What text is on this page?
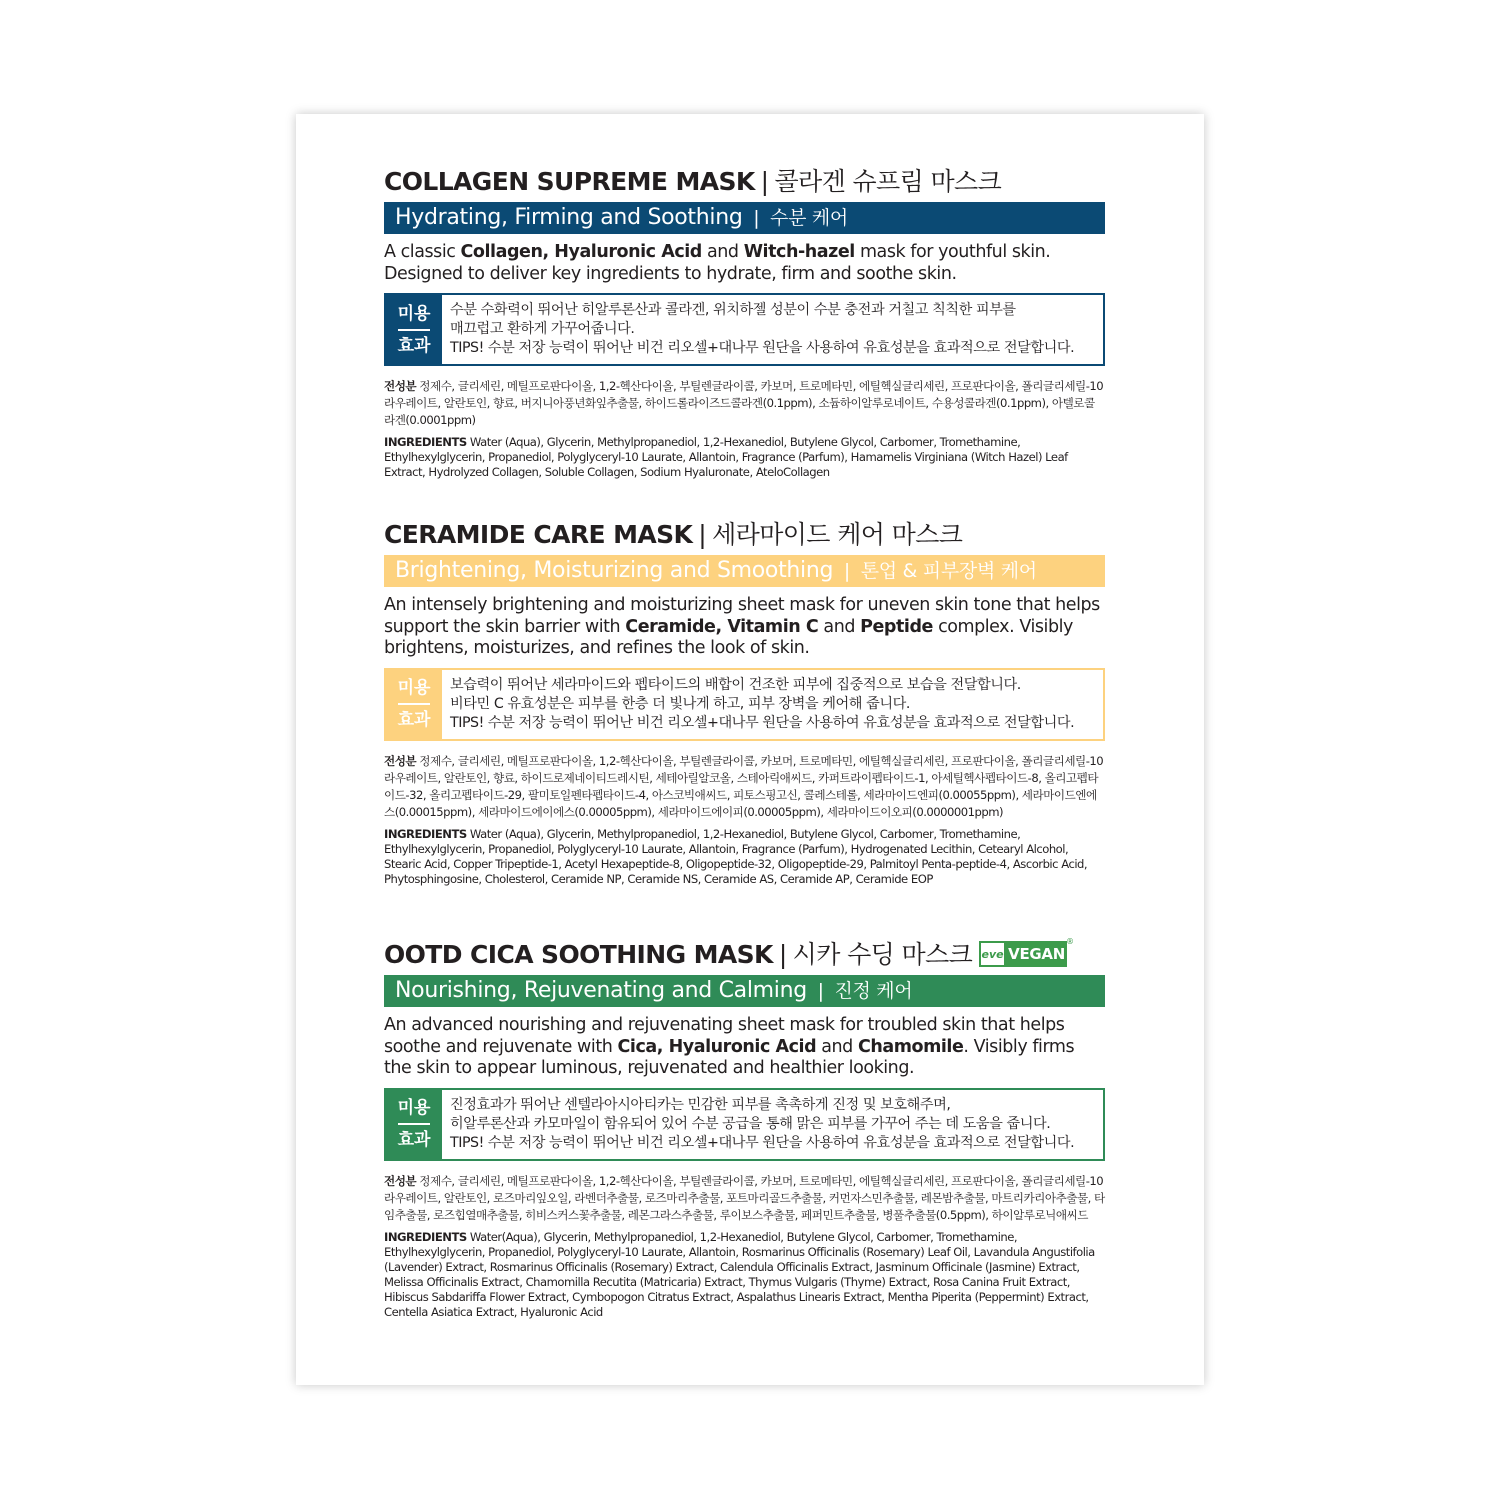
COLLAGEN SUPREME MASK | 콜라겐 슈프림 마스크
Hydrating, Firming and Soothing | 수분 케어
A classic Collagen, Hyaluronic Acid and Witch-hazel mask for youthful skin. Designed to deliver key ingredients to hydrate, firm and soothe skin.
미용
효과
수분 수화력이 뛰어난 히알루론산과 콜라겐, 위치하젤 성분이 수분 충전과 거칠고 칙칙한 피부를
매끄럽고 환하게 가꾸어줍니다.
TIPS! 수분 저장 능력이 뛰어난 비건 리오셀+대나무 원단을 사용하여 유효성분을 효과적으로 전달합니다.
전성분 정제수, 글리세린, 메틸프로판다이올, 1,2-헥산다이올, 부틸렌글라이콜, 카보머, 트로메타민, 에틸헥실글리세린, 프로판다이올, 폴리글리세릴-10라우레이트, 알란토인, 향료, 버지니아풍년화잎추출물, 하이드롤라이즈드콜라겐(0.1ppm), 소듐하이알루로네이트, 수용성콜라겐(0.1ppm), 아텔로콜라겐(0.0001ppm)
INGREDIENTS Water (Aqua), Glycerin, Methylpropanediol, 1,2-Hexanediol, Butylene Glycol, Carbomer, Tromethamine, Ethylhexylglycerin, Propanediol, Polyglyceryl-10 Laurate, Allantoin, Fragrance (Parfum), Hamamelis Virginiana (Witch Hazel) Leaf Extract, Hydrolyzed Collagen, Soluble Collagen, Sodium Hyaluronate, AteloCollagen
CERAMIDE CARE MASK | 세라마이드 케어 마스크
Brightening, Moisturizing and Smoothing | 톤업 & 피부장벽 케어
An intensely brightening and moisturizing sheet mask for uneven skin tone that helps support the skin barrier with Ceramide, Vitamin C and Peptide complex. Visibly brightens, moisturizes, and refines the look of skin.
미용
효과
보습력이 뛰어난 세라마이드와 펩타이드의 배합이 건조한 피부에 집중적으로 보습을 전달합니다.
비타민 C 유효성분은 피부를 한층 더 빛나게 하고, 피부 장벽을 케어해 줍니다.
TIPS! 수분 저장 능력이 뛰어난 비건 리오셀+대나무 원단을 사용하여 유효성분을 효과적으로 전달합니다.
전성분 정제수, 글리세린, 메틸프로판다이올, 1,2-헥산다이올, 부틸렌글라이콜, 카보머, 트로메타민, 에틸헥실글리세린, 프로판다이올, 폴리글리세릴-10라우레이트, 알란토인, 향료, 하이드로제네이티드레시틴, 세테아릴알코올, 스테아릭애씨드, 카퍼트라이펩타이드-1, 아세틸헥사펩타이드-8, 올리고펩타이드-32, 올리고펩타이드-29, 팔미토일펜타펩타이드-4, 아스코빅애씨드, 피토스핑고신, 콜레스테롤, 세라마이드엔피(0.00055ppm), 세라마이드엔에스(0.00015ppm), 세라마이드에이에스(0.00005ppm), 세라마이드에이피(0.00005ppm), 세라마이드이오피(0.0000001ppm)
INGREDIENTS Water (Aqua), Glycerin, Methylpropanediol, 1,2-Hexanediol, Butylene Glycol, Carbomer, Tromethamine, Ethylhexylglycerin, Propanediol, Polyglyceryl-10 Laurate, Allantoin, Fragrance (Parfum), Hydrogenated Lecithin, Cetearyl Alcohol, Stearic Acid, Copper Tripeptide-1, Acetyl Hexapeptide-8, Oligopeptide-32, Oligopeptide-29, Palmitoyl Penta-peptide-4, Ascorbic Acid, Phytosphingosine, Cholesterol, Ceramide NP, Ceramide NS, Ceramide AS, Ceramide AP, Ceramide EOP
OOTD CICA SOOTHING MASK | 시카 수딩 마스크 eve VEGAN
®
Nourishing, Rejuvenating and Calming | 진정 케어
An advanced nourishing and rejuvenating sheet mask for troubled skin that helps soothe and rejuvenate with Cica, Hyaluronic Acid and Chamomile. Visibly firms the skin to appear luminous, rejuvenated and healthier looking.
미용
효과
진정효과가 뛰어난 센텔라아시아티카는 민감한 피부를 촉촉하게 진정 및 보호해주며,
히알루론산과 카모마일이 함유되어 있어 수분 공급을 통해 맑은 피부를 가꾸어 주는 데 도움을 줍니다.
TIPS! 수분 저장 능력이 뛰어난 비건 리오셀+대나무 원단을 사용하여 유효성분을 효과적으로 전달합니다.
전성분 정제수, 글리세린, 메틸프로판다이올, 1,2-헥산다이올, 부틸렌글라이콜, 카보머, 트로메타민, 에틸헥실글리세린, 프로판다이올, 폴리글리세릴-10라우레이트, 알란토인, 로즈마리잎오일, 라벤더추출물, 로즈마리추출물, 포트마리골드추출물, 커먼자스민추출물, 레몬밤추출물, 마트리카리아추출물, 타임추출물, 로즈힙열매추출물, 히비스커스꽃추출물, 레몬그라스추출물, 루이보스추출물, 페퍼민트추출물, 병풀추출물(0.5ppm), 하이알루로닉애씨드
INGREDIENTS Water(Aqua), Glycerin, Methylpropanediol, 1,2-Hexanediol, Butylene Glycol, Carbomer, Tromethamine, Ethylhexylglycerin, Propanediol, Polyglyceryl-10 Laurate, Allantoin, Rosmarinus Officinalis (Rosemary) Leaf Oil, Lavandula Angustifolia (Lavender) Extract, Rosmarinus Officinalis (Rosemary) Extract, Calendula Officinalis Extract, Jasminum Officinale (Jasmine) Extract, Melissa Officinalis Extract, Chamomilla Recutita (Matricaria) Extract, Thymus Vulgaris (Thyme) Extract, Rosa Canina Fruit Extract, Hibiscus Sabdariffa Flower Extract, Cymbopogon Citratus Extract, Aspalathus Linearis Extract, Mentha Piperita (Peppermint) Extract, Centella Asiatica Extract, Hyaluronic Acid
